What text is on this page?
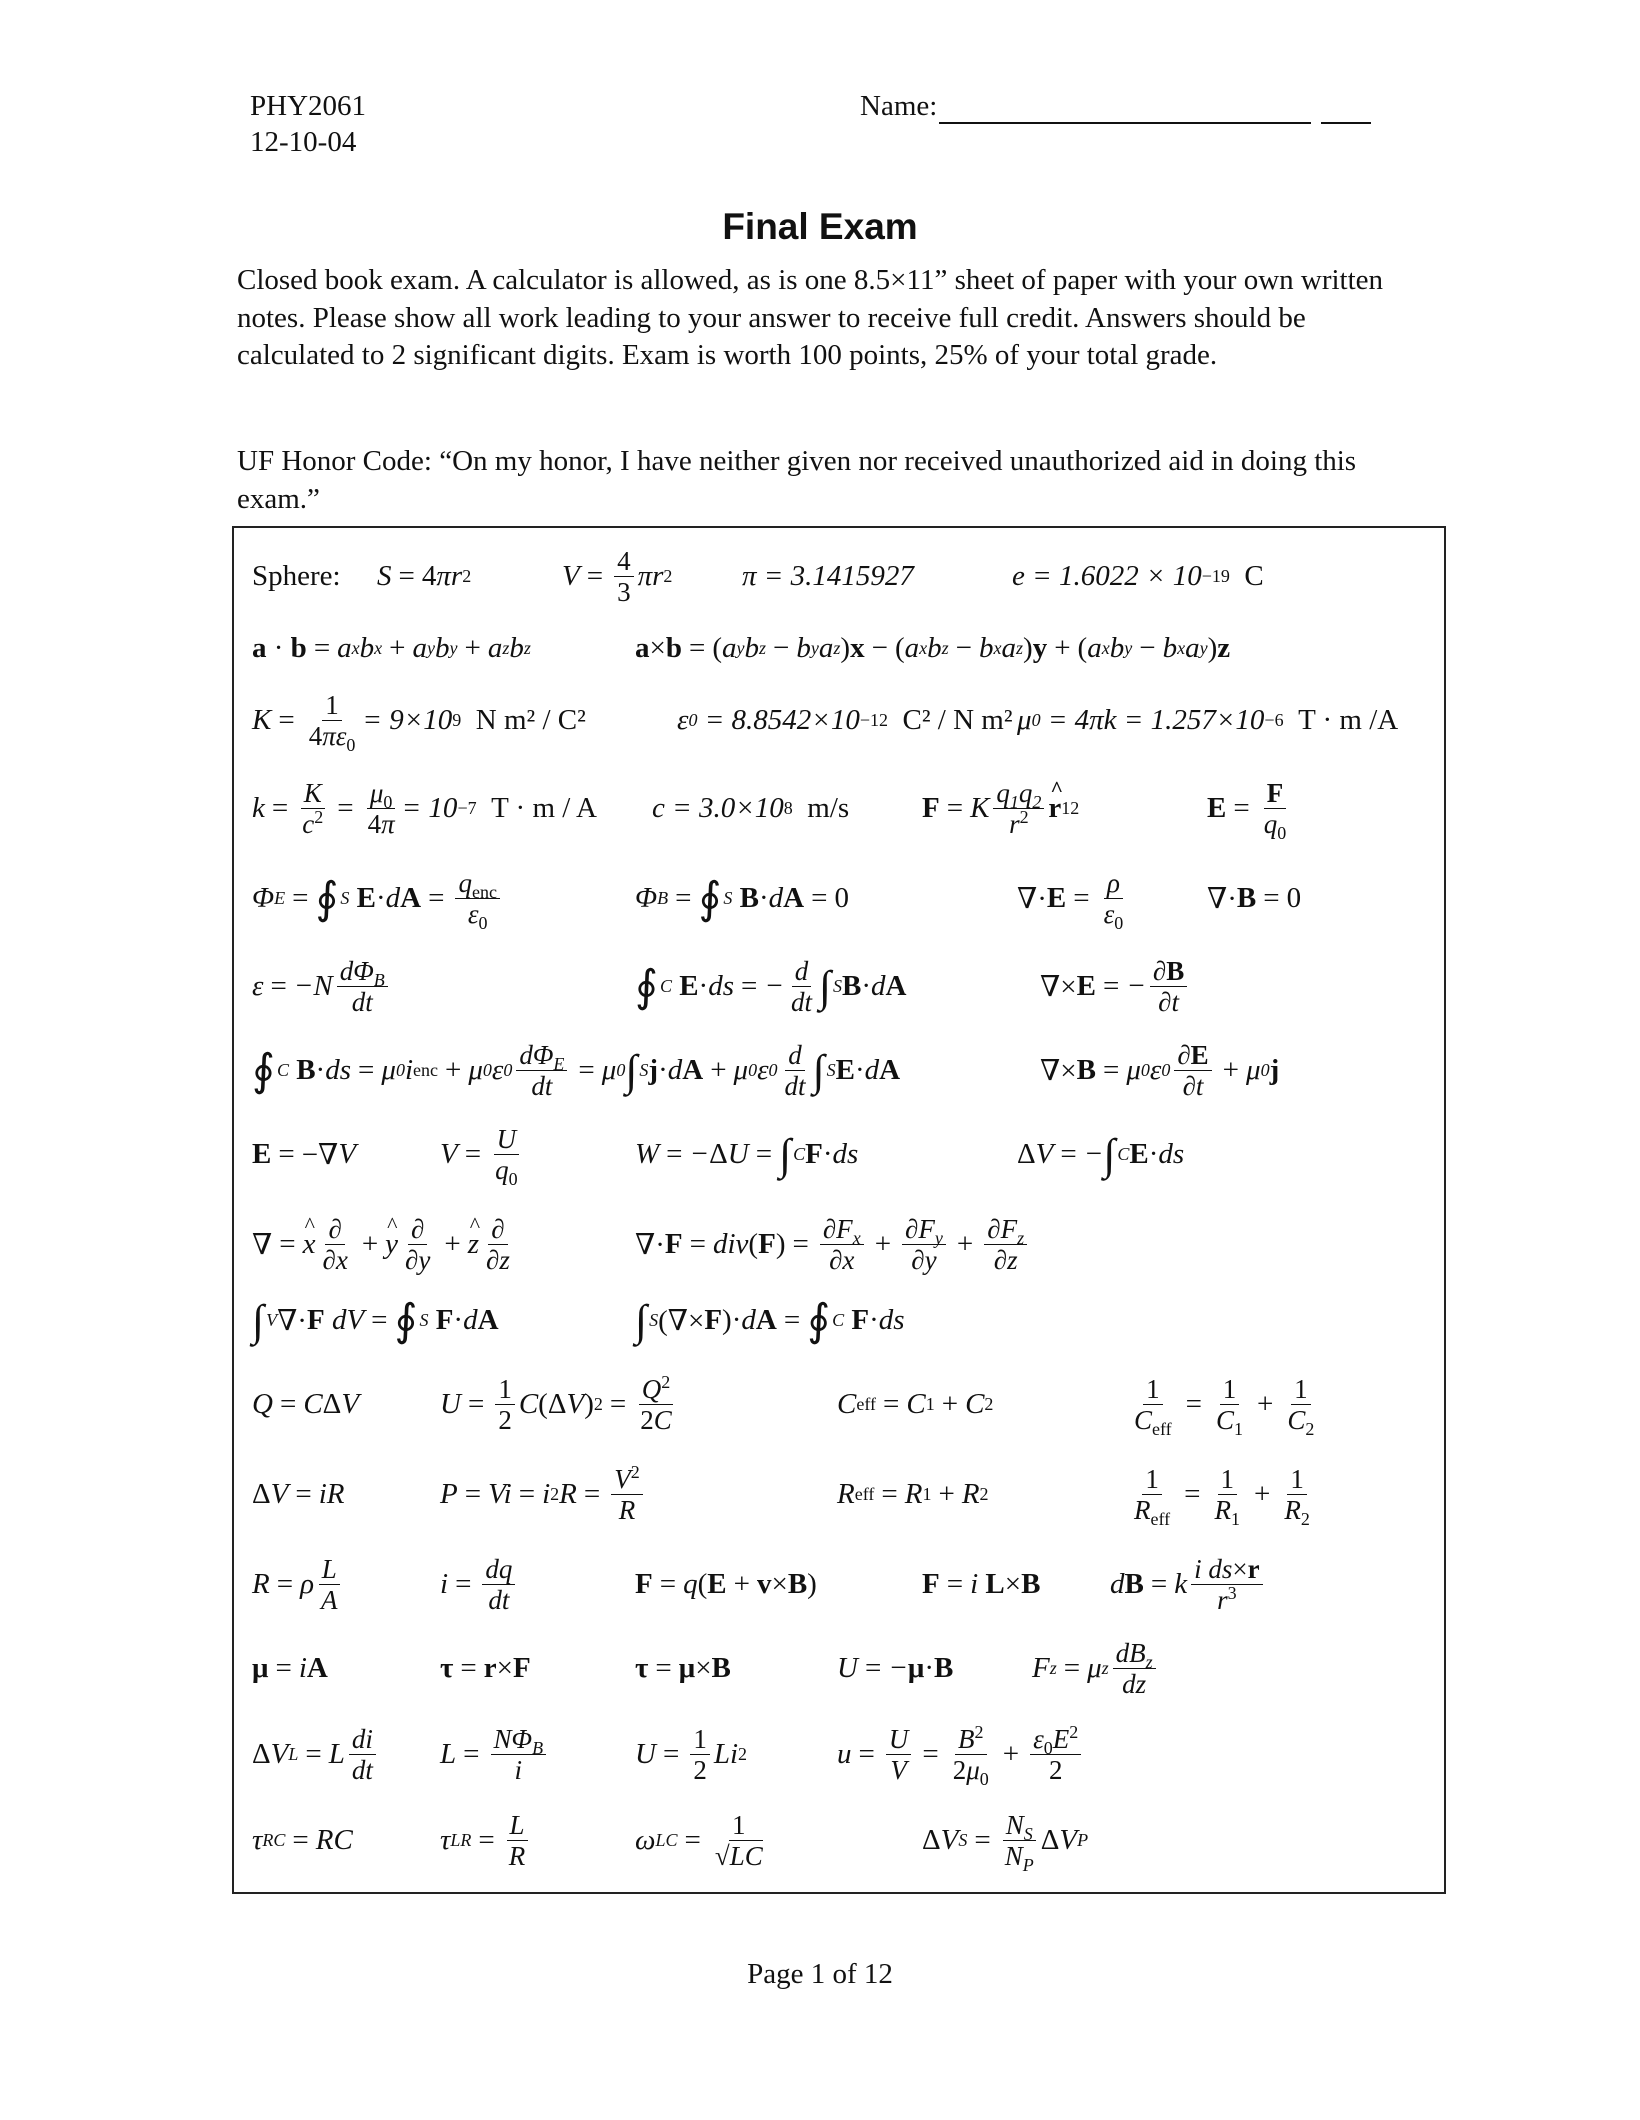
PHY2061
12-10-04
Name:
Final Exam
Closed book exam. A calculator is allowed, as is one 8.5×11” sheet of paper with your own written notes. Please show all work leading to your answer to receive full credit. Answers should be calculated to 2 significant digits. Exam is worth 100 points, 25% of your total grade.
UF Honor Code: “On my honor, I have neither given nor received unauthorized aid in doing this exam.”
Sphere: S = 4 πr 2	$V = \frac{4}{3}$ πr 2 π = 3.1415927	e = 1.6022 × 10 −19
C
a · b = a x b x + a y b y + a z b z	a × b = ( a y b z − b y a z ) x − ( a x b z − b x a z ) y + ( a x b y − b x a y ) z
$K = \frac{1}{4\pi\varepsilon_0} = 9\times 10$ 9
N m² / C²	ε 0
= 8.8542×10 −12
C² / N m² μ 0
= 4πk = 1.257×10 −6
T · m /A
$k = \frac{K}{c^2} = \frac{\mu_0}{4\pi} = 10 -7$
T · m / A c = 3.0×10 8
m/s	F = K $\frac{q_1q_2}{r^2}$ ^ r 12	$E = \frac{F}{q_0}$
Φ E = ∮ S E · d $A = \frac{q_{enc}}{\varepsilon_0}$	Φ B = ∮ S B · d A = 0	∇· $E = \frac{\rho}{\varepsilon_0}$	∇· B = 0
$\varepsilon = -N \frac{d\Phi_B}{dt}$	∮ C E · ds = − $\frac{d}{dt}$ ∫ S B · d A	∇× E = − $\frac{\partial B}{\partial t}$
∮ C B · ds = μ 0 i enc + μ 0 ε $0 \frac{d\Phi_E}{dt} = \mu$ 0 ∫ S j · d A + μ 0 ε $0 \frac{d}{dt}$ ∫ S E · d A	∇× B = μ 0 ε $0 \frac{\partial E}{\partial t} + \mu$ 0 j
E = −∇ V	$V = \frac{U}{q_0}$	W = − Δ U = ∫ C F · ds	Δ V = − ∫ C E · ds
∇ = ^ x $\frac{\partial}{\partial x}$ + ^ y $\frac{\partial}{\partial y}$ + ^ z $\frac{\partial}{\partial z}$	∇· F = div ( F ) = $\frac{\partial F_x}{\partial x} + \frac{\partial F_y}{\partial y} + \frac{\partial F_z}{\partial z}$
∫ V ∇· F dV = ∮ S F · d A	∫ S (∇× F )· d A = ∮ C F · ds
Q = C Δ V	$U = \frac{1}{2}$ C (Δ V ) $2 = \frac{Q^2}{2C}$	C eff = C 1 + C 2	$\frac{1}{C_{eff}} = \frac{1}{C_1} + \frac{1}{C_2}$
Δ V = iR	P = Vi = i 2 $R = \frac{V^2}{R}$	R eff = R 1 + R 2	$\frac{1}{R_{eff}} = \frac{1}{R_1} + \frac{1}{R_2}$
R = ρ $\frac{L}{A}$	$i = \frac{dq}{dt}$	F = q ( E + v × B )	F = i L × B d B = k $\frac{\text{i ds×r}}{r^3}$
μ = i A	τ = r × F	τ = μ × B	U = − μ · B	F z = μ z $\frac{dB_z}{dz}$
Δ V L = L $\frac{di}{dt}$ $L = \frac{N\Phi_B}{i}$	$U = \frac{1}{2}$ Li 2	$u = \frac{U}{V} = \frac{B^2}{2\mu_0} + \frac{\varepsilon_0E^2}{2}$
τ RC = RC	τ LR = $\frac{L}{R}$	ω LC = $\frac{1}{√LC}$	Δ V $S = \frac{N_S}{N_P}$ Δ V P
Page 1 of 12
